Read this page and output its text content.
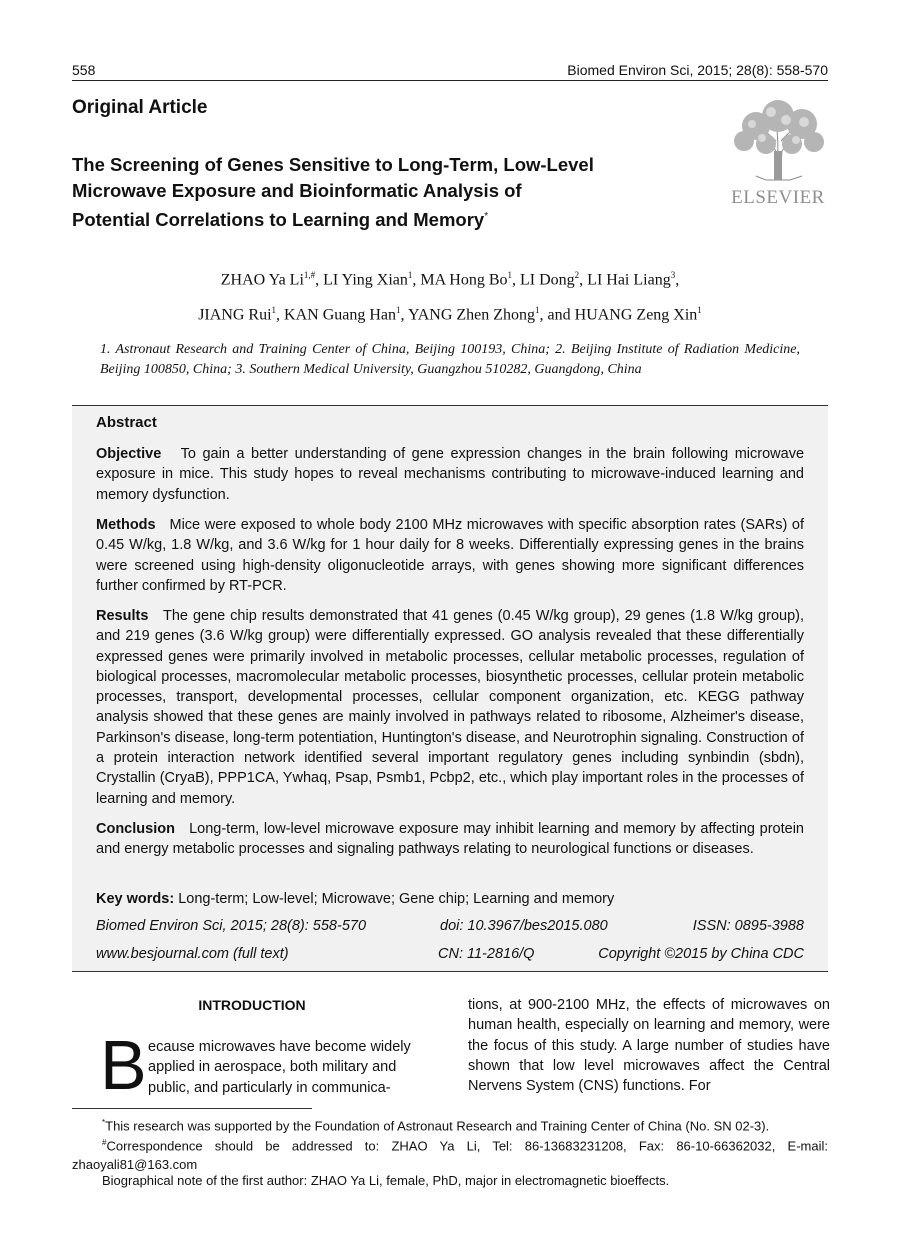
558	Biomed Environ Sci, 2015; 28(8): 558-570
Original Article
The Screening of Genes Sensitive to Long-Term, Low-Level
Microwave Exposure and Bioinformatic Analysis of
Potential Correlations to Learning and Memory*
ELSEVIER
ZHAO Ya $Li^{1,\#}$, LI Ying Xian$^1$, MA Hong Bo$^1$, LI Dong$^2$, LI Hai Liang$^3$,
JIANG Rui$^1$, KAN Guang Han$^1$, YANG Zhen Zhong$^1$, and HUANG Zeng Xin$^1$
1. Astronaut Research and Training Center of China, Beijing 100193, China; 2. Beijing Institute of Radiation Medicine, Beijing 100850, China; 3. Southern Medical University, Guangzhou 510282, Guangdong, China
Abstract
Objective To gain a better understanding of gene expression changes in the brain following microwave exposure in mice. This study hopes to reveal mechanisms contributing to microwave-induced learning and memory dysfunction.
Methods Mice were exposed to whole body 2100 MHz microwaves with specific absorption rates (SARs) of 0.45 W/kg, 1.8 W/kg, and 3.6 W/kg for 1 hour daily for 8 weeks. Differentially expressing genes in the brains were screened using high-density oligonucleotide arrays, with genes showing more significant differences further confirmed by RT-PCR.
Results The gene chip results demonstrated that 41 genes (0.45 W/kg group), 29 genes (1.8 W/kg group), and 219 genes (3.6 W/kg group) were differentially expressed. GO analysis revealed that these differentially expressed genes were primarily involved in metabolic processes, cellular metabolic processes, regulation of biological processes, macromolecular metabolic processes, biosynthetic processes, cellular protein metabolic processes, transport, developmental processes, cellular component organization, etc. KEGG pathway analysis showed that these genes are mainly involved in pathways related to ribosome, Alzheimer's disease, Parkinson's disease, long-term potentiation, Huntington's disease, and Neurotrophin signaling. Construction of a protein interaction network identified several important regulatory genes including synbindin (sbdn), Crystallin (CryaB), PPP1CA, Ywhaq, Psap, Psmb1, Pcbp2, etc., which play important roles in the processes of learning and memory.
Conclusion Long-term, low-level microwave exposure may inhibit learning and memory by affecting protein and energy metabolic processes and signaling pathways relating to neurological functions or diseases.
Key words: Long-term; Low-level; Microwave; Gene chip; Learning and memory
Biomed Environ Sci, 2015; 28(8): 558-570	doi: 10.3967/bes2015.080	ISSN: 0895-3988
www.besjournal.com (full text)	CN: 11-2816/Q	Copyright ©2015 by China CDC
INTRODUCTION
B ecause microwaves have become widely
applied in aerospace, both military and
public, and particularly in communica-
tions, at 900-2100 MHz, the effects of microwaves on human health, especially on learning and memory, were the focus of this study. A large number of studies have shown that low level microwaves affect the Central Nervens System (CNS) functions. For
*This research was supported by the Foundation of Astronaut Research and Training Center of China (No. SN 02-3).
#Correspondence should be addressed to: ZHAO Ya Li, Tel: 86-13683231208, Fax: 86-10-66362032, E-mail: zhaoyali81@163.com
Biographical note of the first author: ZHAO Ya Li, female, PhD, major in electromagnetic bioeffects.
